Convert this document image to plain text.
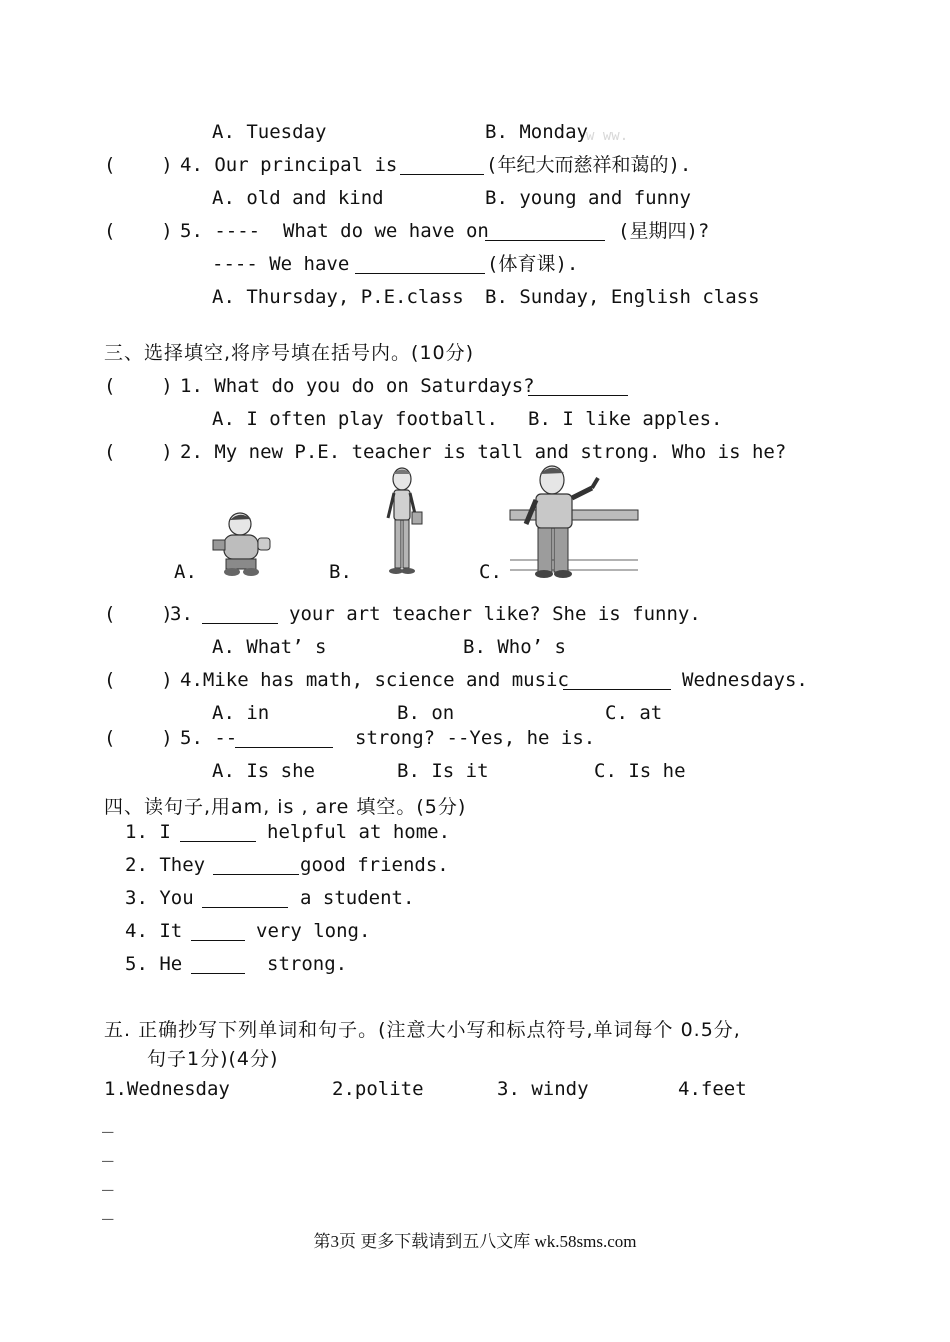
A. Tuesday	B. Monday
w ww.
(    ) 4. Our principal is	(年纪大而慈祥和蔼的).
A. old and kind	B. young and funny
(    ) 5. ----  What do we have on	(星期四)?
---- We have	(体育课).
A. Thursday, P.E.class B. Sunday, English class
三、选择填空,将序号填在括号内。(10分)
(    ) 1. What do you do on Saturdays?
A. I often play football. B. I like apples.
(    ) 2. My new P.E. teacher is tall and strong. Who is he?
A.	B.	C.
(    )
3.	your art teacher like? She is funny.
A. What’ s	B. Who’ s
(    ) 4.Mike has math, science and music	Wednesdays.
A. in	B. on	C. at
(    ) 5. --	strong? --Yes, he is.
A. Is she	B. Is it	C. Is he
四、读句子,用am, is , are 填空。(5分)
1. I	helpful at home.
2. They	good friends.
3. You	a student.
4. It	very long.
5. He	strong.
五. 正确抄写下列单词和句子。(注意大小写和标点符号,单词每个 0.5分,
句子1分)(4分)
1.Wednesday	2.polite	3. windy	4.feet
_
_
_
_
第3页 更多下载请到五八文库 wk.58sms.com
